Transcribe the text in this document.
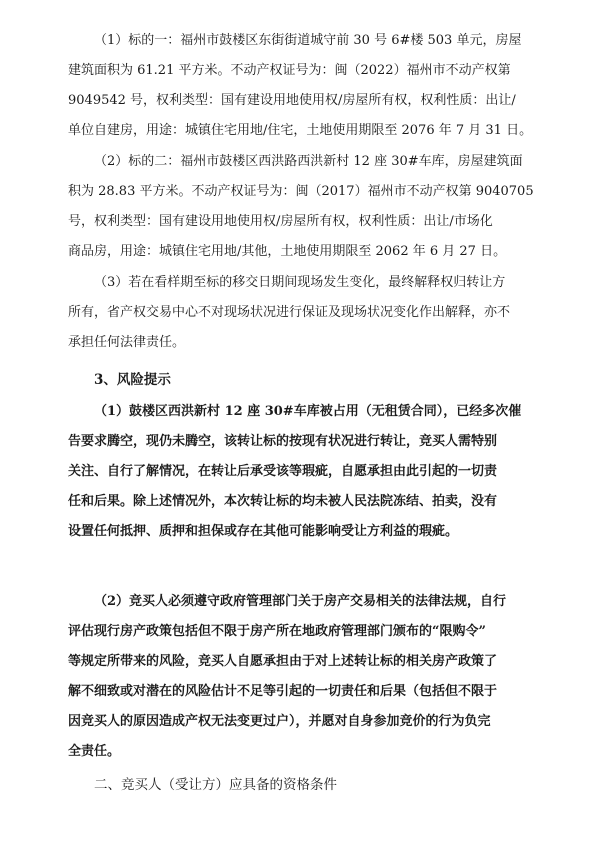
（1）标的一：福州市鼓楼区东街街道城守前 30 号 6#楼 503 单元，房屋
建筑面积为 61.21 平方米。不动产权证号为：闽（2022）福州市不动产权第
9049542 号，权利类型：国有建设用地使用权/房屋所有权，权利性质：出让/
单位自建房，用途：城镇住宅用地/住宅，土地使用期限至 2076 年 7 月 31 日。
（2）标的二：福州市鼓楼区西洪路西洪新村 12 座 30#车库，房屋建筑面
积为 28.83 平方米。不动产权证号为：闽（2017）福州市不动产权第 9040705
号，权利类型：国有建设用地使用权/房屋所有权，权利性质：出让/市场化
商品房，用途：城镇住宅用地/其他，土地使用期限至 2062 年 6 月 27 日。
（3）若在看样期至标的移交日期间现场发生变化，最终解释权归转让方
所有，省产权交易中心不对现场状况进行保证及现场状况变化作出解释，亦不
承担任何法律责任。
3、风险提示
（1）鼓楼区西洪新村 12 座 30#车库被占用（无租赁合同），已经多次催
告要求腾空，现仍未腾空，该转让标的按现有状况进行转让，竞买人需特别
关注、自行了解情况，在转让后承受该等瑕疵，自愿承担由此引起的一切责
任和后果。除上述情况外，本次转让标的均未被人民法院冻结、拍卖，没有
设置任何抵押、质押和担保或存在其他可能影响受让方利益的瑕疵。
（2）竞买人必须遵守政府管理部门关于房产交易相关的法律法规，自行
评估现行房产政策包括但不限于房产所在地政府管理部门颁布的“限购令”
等规定所带来的风险，竞买人自愿承担由于对上述转让标的相关房产政策了
解不细致或对潜在的风险估计不足等引起的一切责任和后果（包括但不限于
因竞买人的原因造成产权无法变更过户），并愿对自身参加竞价的行为负完
全责任。
二、竞买人（受让方）应具备的资格条件
